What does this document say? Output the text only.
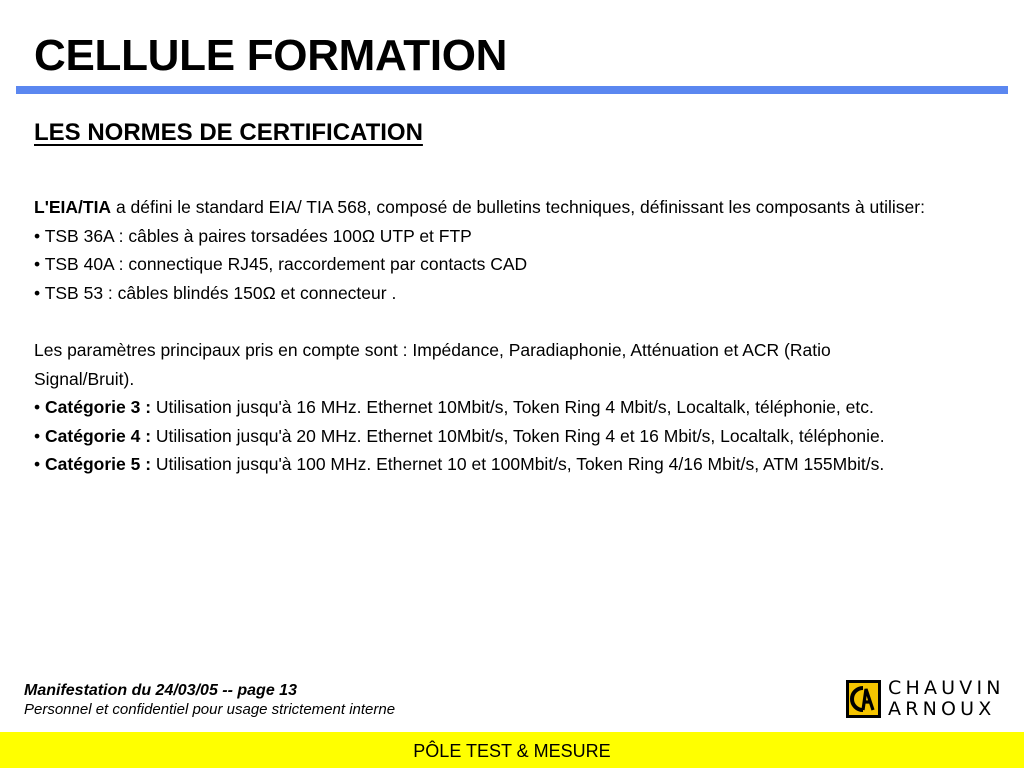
CELLULE FORMATION
LES NORMES DE CERTIFICATION

L'EIA/TIA a défini le standard EIA/ TIA 568, composé de bulletins techniques, définissant les composants à utiliser:

• TSB 36A : câbles à paires torsadées 100Ω UTP et FTP

• TSB 40A : connectique RJ45, raccordement par contacts CAD

• TSB 53 : câbles blindés 150Ω et connecteur .

Les paramètres principaux pris en compte sont : Impédance, Paradiaphonie, Atténuation et ACR (Ratio Signal/Bruit).

• Catégorie 3 : Utilisation jusqu'à 16 MHz. Ethernet 10Mbit/s, Token Ring 4 Mbit/s, Localtalk, téléphonie, etc.

• Catégorie 4 : Utilisation jusqu'à 20 MHz. Ethernet 10Mbit/s, Token Ring 4 et 16 Mbit/s, Localtalk, téléphonie.

• Catégorie 5 : Utilisation jusqu'à 100 MHz. Ethernet 10 et 100Mbit/s, Token Ring 4/16 Mbit/s, ATM 155Mbit/s.

Manifestation du 24/03/05 -- page 13
Personnel et confidentiel pour usage strictement interne
CHAUVIN
ARNOUX
PÔLE TEST & MESURE
